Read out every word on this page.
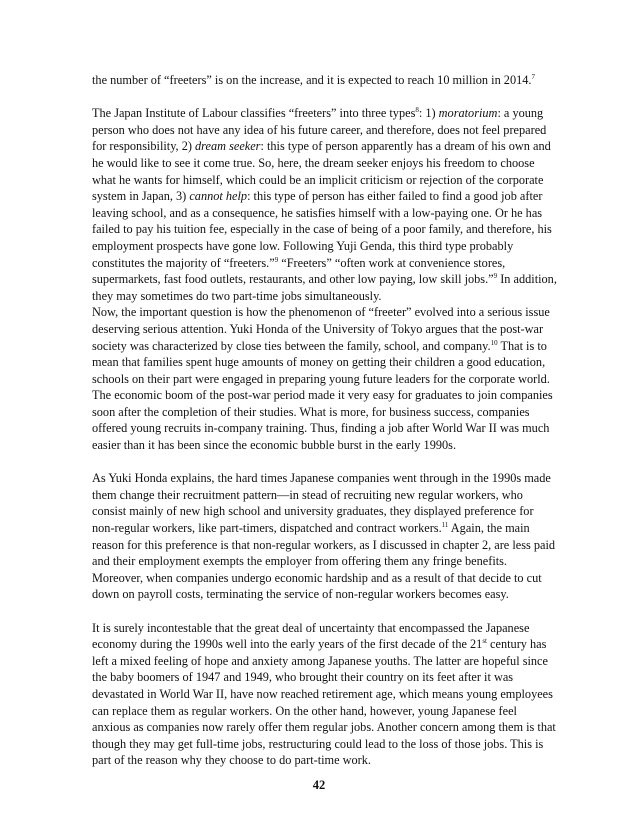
the number of “freeters” is on the increase, and it is expected to reach 10 million in 2014.$^7$

The Japan Institute of Labour classifies “freeters” into three types$^8$: 1) moratorium: a young person who does not have any idea of his future career, and therefore, does not feel prepared for responsibility, 2) dream seeker: this type of person apparently has a dream of his own and he would like to see it come true. So, here, the dream seeker enjoys his freedom to choose what he wants for himself, which could be an implicit criticism or rejection of the corporate system in Japan, 3) cannot help: this type of person has either failed to find a good job after leaving school, and as a consequence, he satisfies himself with a low-paying one. Or he has failed to pay his tuition fee, especially in the case of being of a poor family, and therefore, his employment prospects have gone low. Following Yuji Genda, this third type probably constitutes the majority of “freeters.”$^9$ “Freeters” “often work at convenience stores, supermarkets, fast food outlets, restaurants, and other low paying, low skill jobs.”$^9$ In addition, they may sometimes do two part-time jobs simultaneously.

Now, the important question is how the phenomenon of “freeter” evolved into a serious issue deserving serious attention. Yuki Honda of the University of Tokyo argues that the post-war society was characterized by close ties between the family, school, and company.$^{10}$ That is to mean that families spent huge amounts of money on getting their children a good education, schools on their part were engaged in preparing young future leaders for the corporate world. The economic boom of the post-war period made it very easy for graduates to join companies soon after the completion of their studies. What is more, for business success, companies offered young recruits in-company training. Thus, finding a job after World War II was much easier than it has been since the economic bubble burst in the early 1990s.

As Yuki Honda explains, the hard times Japanese companies went through in the 1990s made them change their recruitment pattern—in stead of recruiting new regular workers, who consist mainly of new high school and university graduates, they displayed preference for non-regular workers, like part-timers, dispatched and contract workers.$^{11}$ Again, the main reason for this preference is that non-regular workers, as I discussed in chapter 2, are less paid and their employment exempts the employer from offering them any fringe benefits. Moreover, when companies undergo economic hardship and as a result of that decide to cut down on payroll costs, terminating the service of non-regular workers becomes easy.

It is surely incontestable that the great deal of uncertainty that encompassed the Japanese economy during the 1990s well into the early years of the first decade of the 21st century has left a mixed feeling of hope and anxiety among Japanese youths. The latter are hopeful since the baby boomers of 1947 and 1949, who brought their country on its feet after it was devastated in World War II, have now reached retirement age, which means young employees can replace them as regular workers. On the other hand, however, young Japanese feel anxious as companies now rarely offer them regular jobs. Another concern among them is that though they may get full-time jobs, restructuring could lead to the loss of those jobs. This is part of the reason why they choose to do part-time work.

42
